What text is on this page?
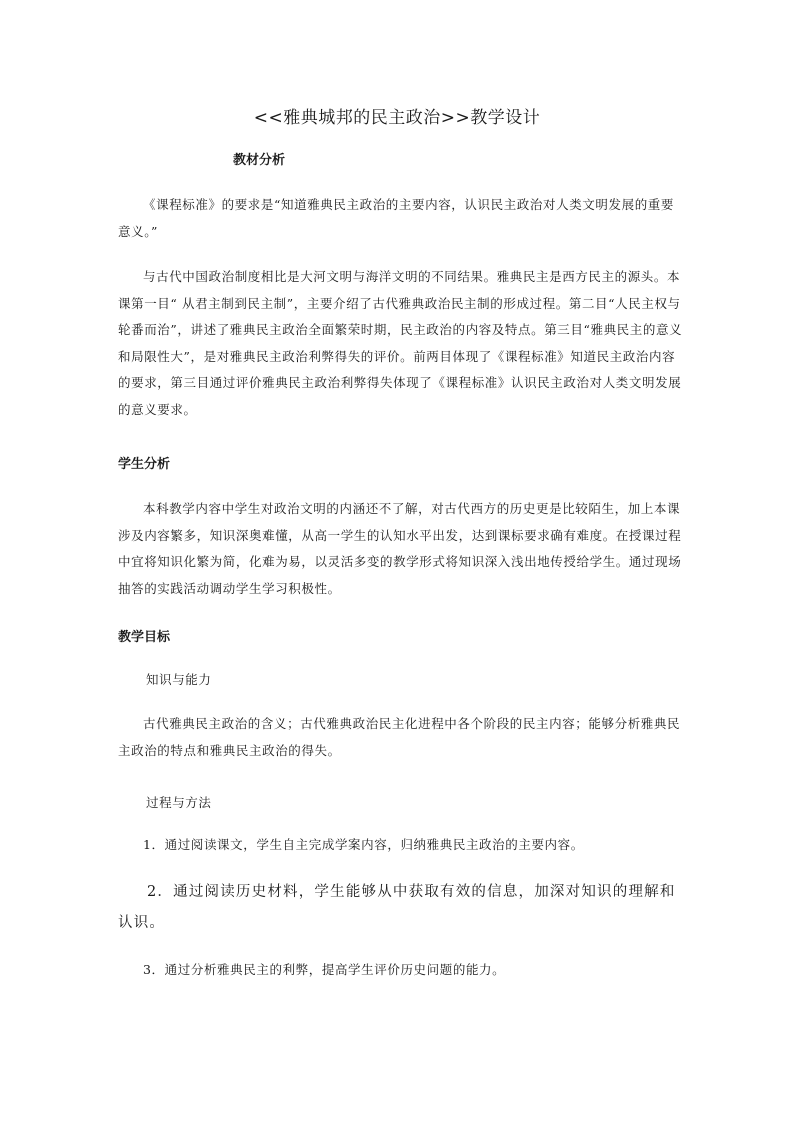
<<雅典城邦的民主政治>>教学设计
教材分析

《课程标准》的要求是“知道雅典民主政治的主要内容，认识民主政治对人类文明发展的重要意义。”

与古代中国政治制度相比是大河文明与海洋文明的不同结果。雅典民主是西方民主的源头。本课第一目“ 从君主制到民主制”，主要介绍了古代雅典政治民主制的形成过程。第二目“人民主权与轮番而治”，讲述了雅典民主政治全面繁荣时期，民主政治的内容及特点。第三目“雅典民主的意义和局限性大”，是对雅典民主政治利弊得失的评价。前两目体现了《课程标准》知道民主政治内容的要求，第三目通过评价雅典民主政治利弊得失体现了《课程标准》认识民主政治对人类文明发展的意义要求。

学生分析

本科教学内容中学生对政治文明的内涵还不了解，对古代西方的历史更是比较陌生，加上本课涉及内容繁多，知识深奥难懂，从高一学生的认知水平出发，达到课标要求确有难度。在授课过程中宜将知识化繁为简，化难为易，以灵活多变的教学形式将知识深入浅出地传授给学生。通过现场抽答的实践活动调动学生学习积极性。

教学目标

知识与能力

古代雅典民主政治的含义；古代雅典政治民主化进程中各个阶段的民主内容；能够分析雅典民主政治的特点和雅典民主政治的得失。

过程与方法

1．通过阅读课文，学生自主完成学案内容，归纳雅典民主政治的主要内容。

2．通过阅读历史材料，学生能够从中获取有效的信息，加深对知识的理解和认识。

3．通过分析雅典民主的利弊，提高学生评价历史问题的能力。
